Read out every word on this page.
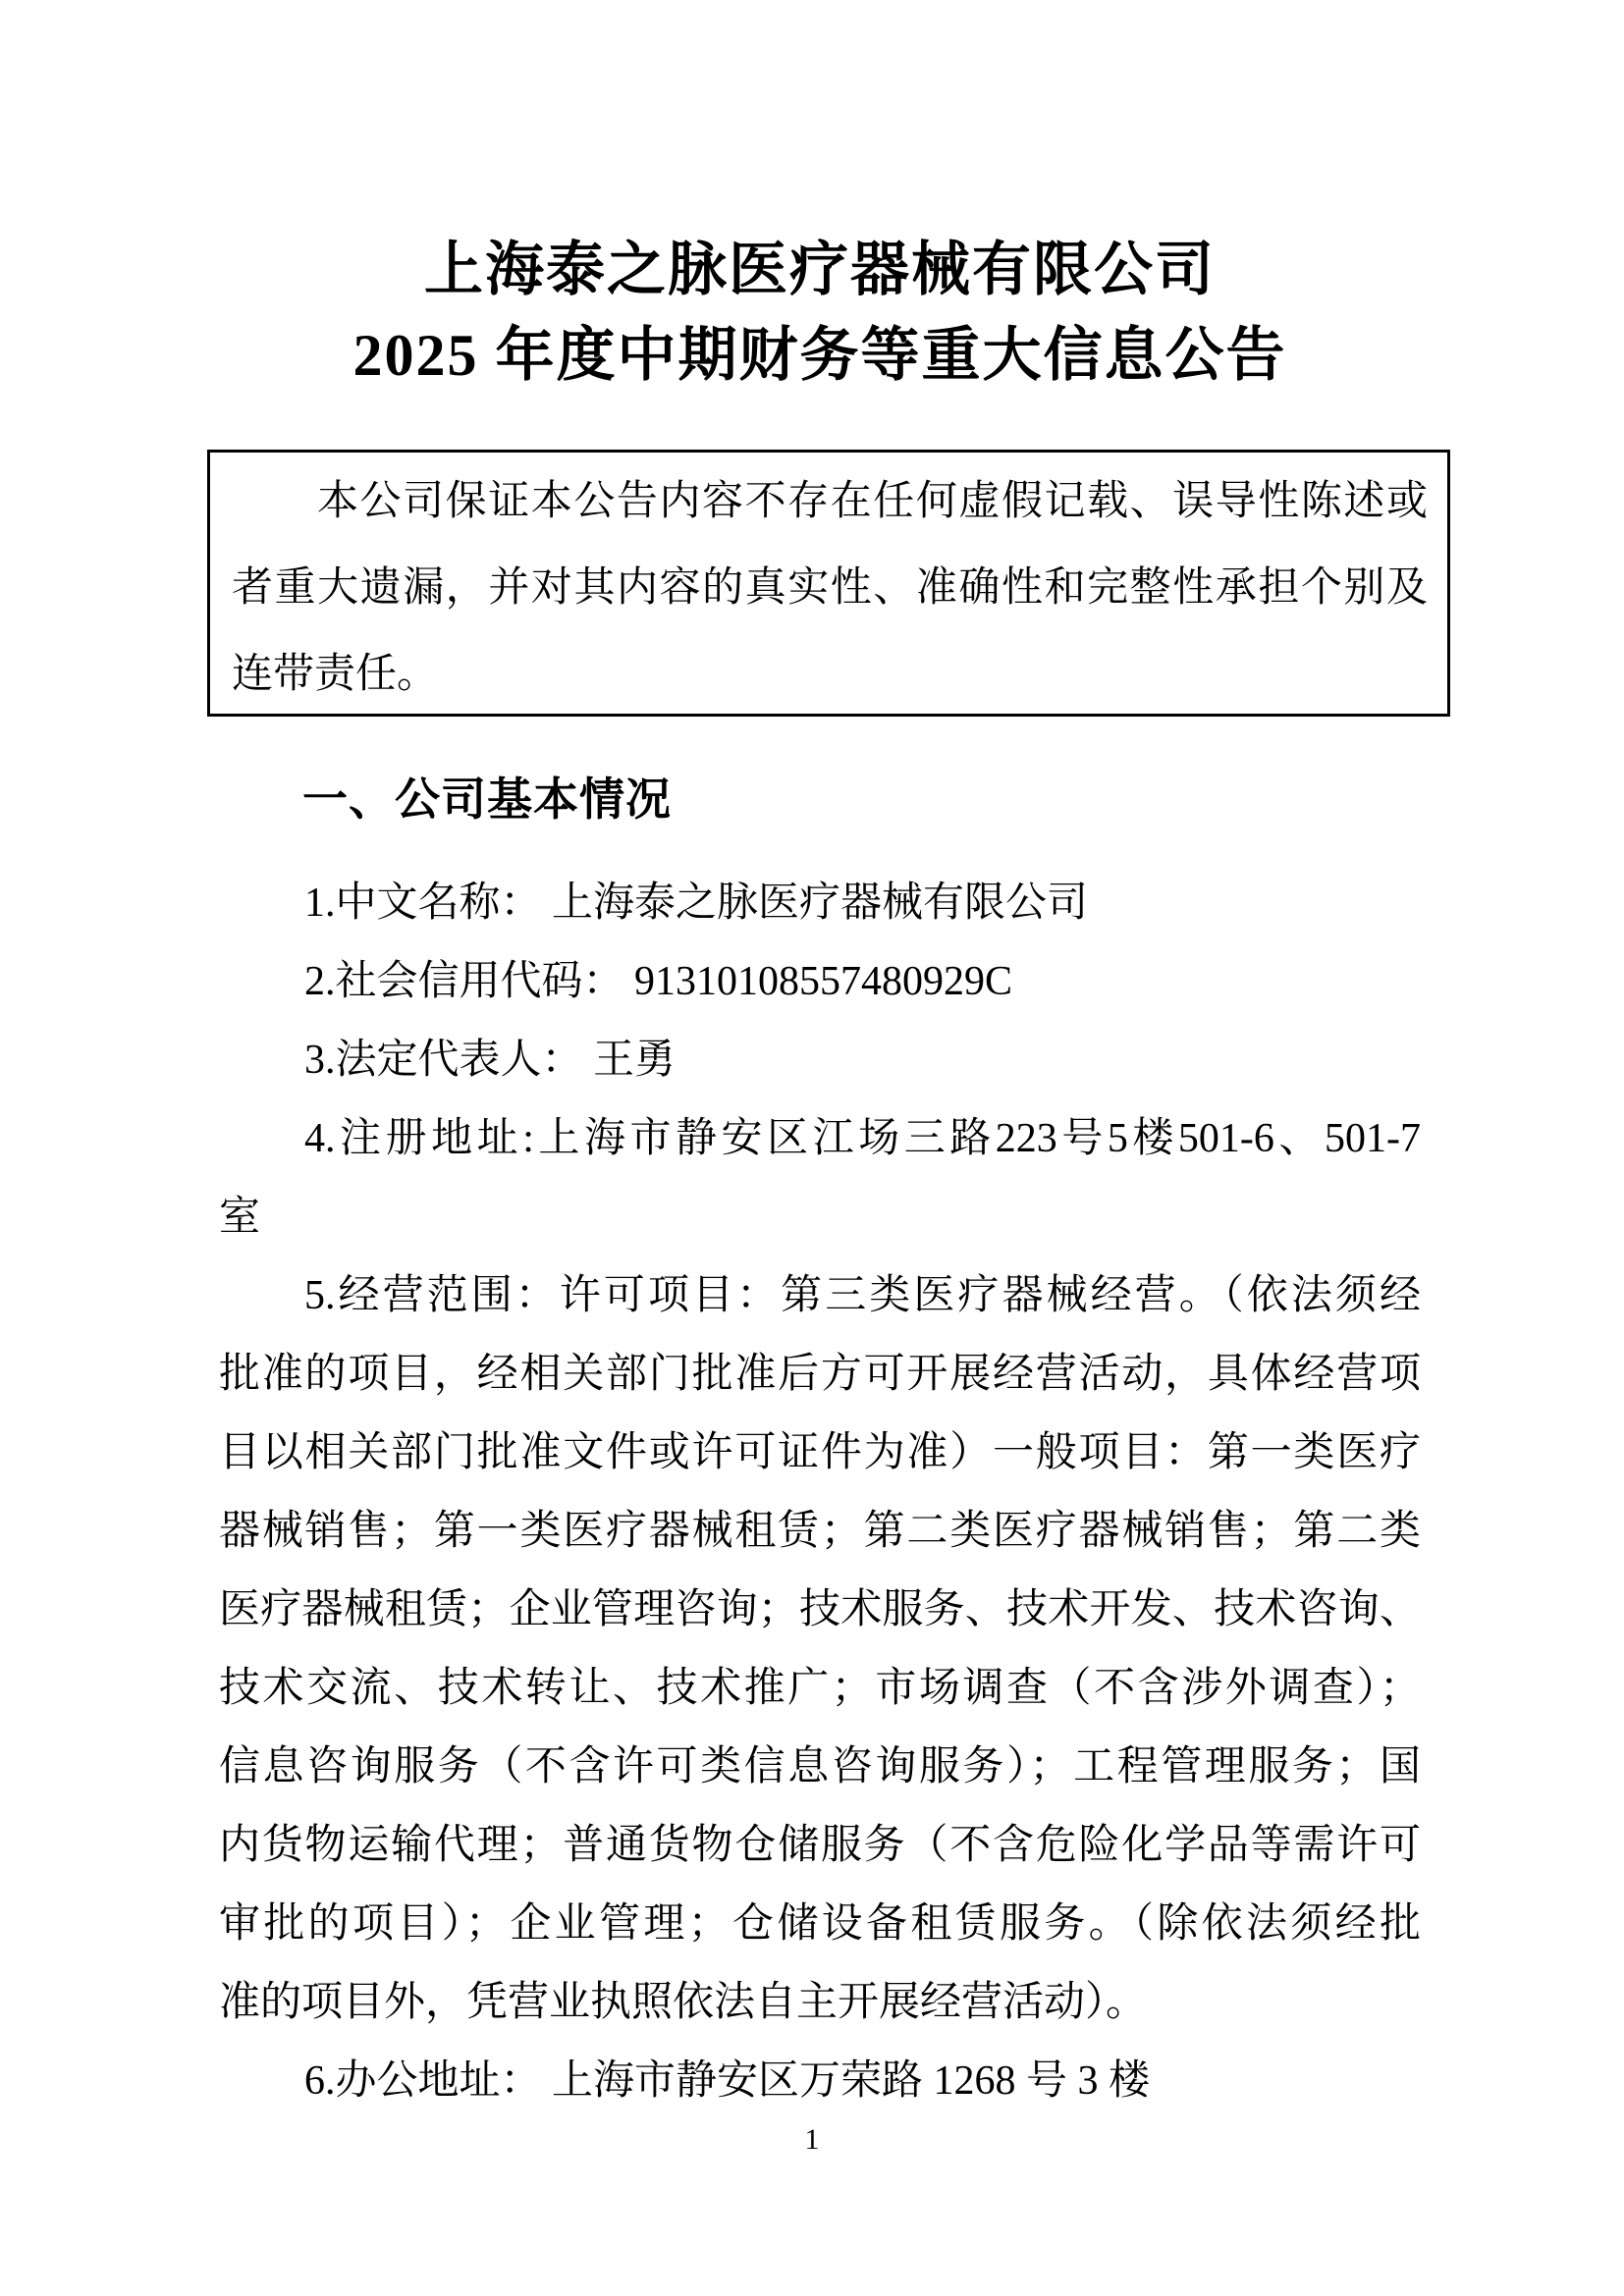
上海泰之脉医疗器械有限公司
2025 年度中期财务等重大信息公告

本公司保证本公告内容不存在任何虚假记载、误导性陈述或

者重大遗漏，并对其内容的真实性、准确性和完整性承担个别及

连带责任。

一、公司基本情况
1.中文名称： 上海泰之脉医疗器械有限公司
2.社会信用代码： 91310108557480929C
3.法定代表人： 王勇
4.注册地址:上海市静安区江场三路223号5楼501-6、501-7
室
5.经营范围：许可项目：第三类医疗器械经营。（依法须经
批准的项目，经相关部门批准后方可开展经营活动，具体经营项
目以相关部门批准文件或许可证件为准）一般项目：第一类医疗
器械销售；第一类医疗器械租赁；第二类医疗器械销售；第二类
医疗器械租赁；企业管理咨询；技术服务、技术开发、技术咨询、
技术交流、技术转让、技术推广；市场调查（不含涉外调查）；
信息咨询服务（不含许可类信息咨询服务）；工程管理服务；国
内货物运输代理；普通货物仓储服务（不含危险化学品等需许可
审批的项目）；企业管理；仓储设备租赁服务。（除依法须经批
准的项目外，凭营业执照依法自主开展经营活动）。
6.办公地址： 上海市静安区万荣路 1268 号 3 楼
1
